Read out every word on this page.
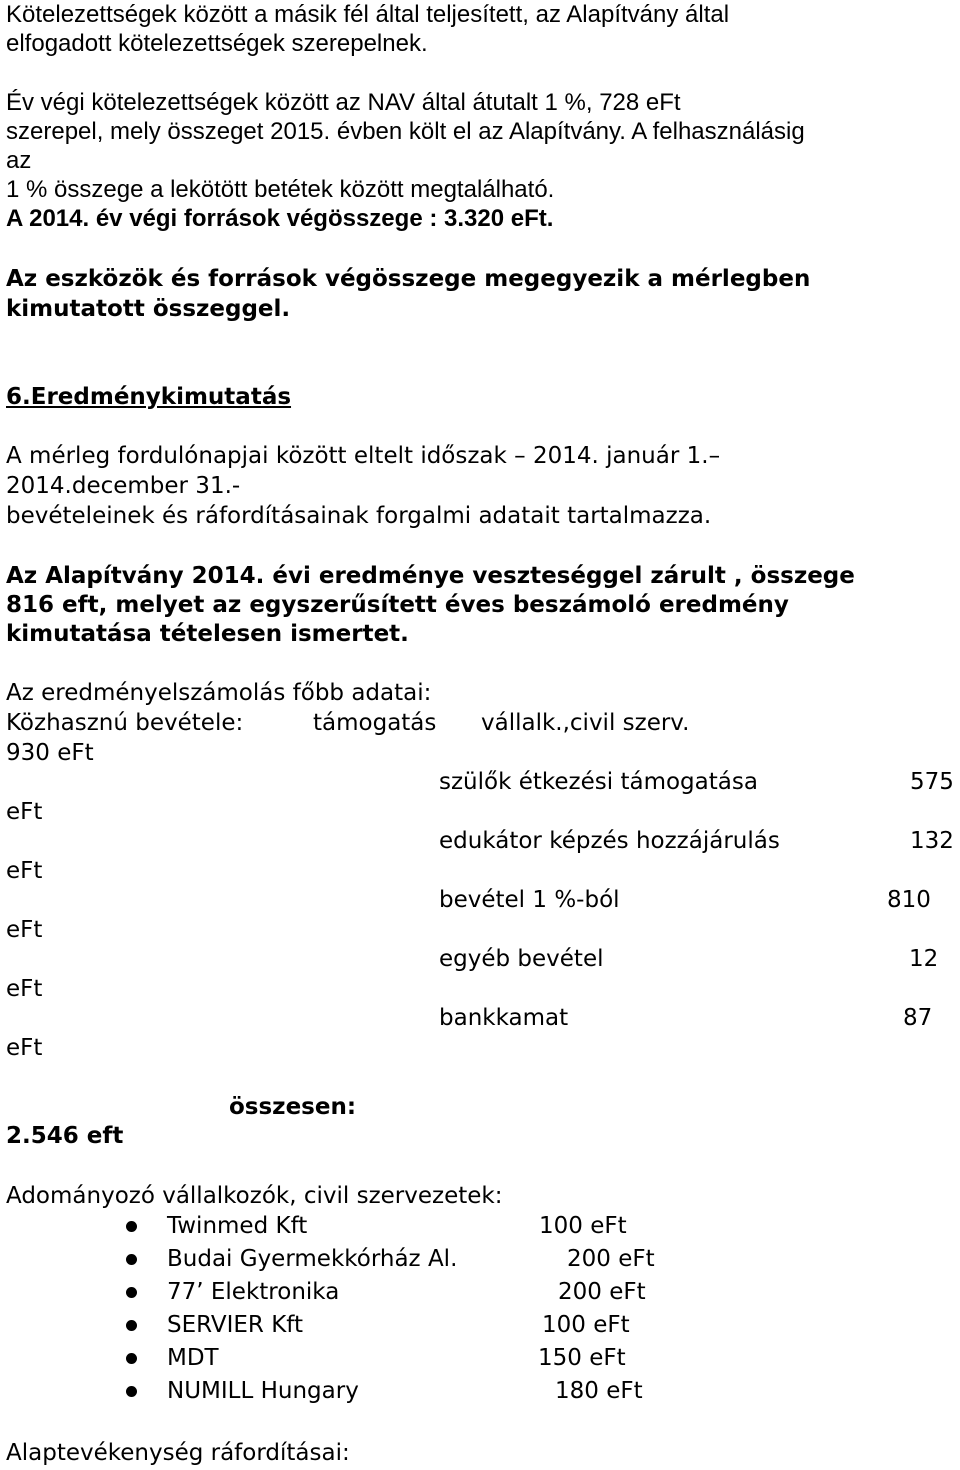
Kötelezettségek között a másik fél által teljesített, az Alapítvány által
elfogadott kötelezettségek szerepelnek.
Év végi kötelezettségek között az NAV által átutalt 1 %, 728 eFt
szerepel, mely összeget 2015. évben költ el az Alapítvány. A felhasználásig
az
1 % összege a lekötött betétek között megtalálható.
A 2014. év végi források végösszege : 3.320 eFt.
Az eszközök és források végösszege megegyezik a mérlegben
kimutatott összeggel.
6.Eredménykimutatás
A mérleg fordulónapjai között eltelt időszak – 2014. január 1.–
2014.december 31.-
bevételeinek és ráfordításainak forgalmi adatait tartalmazza.
Az Alapítvány 2014. évi eredménye veszteséggel zárult , összege
816 eft, melyet az egyszerűsített éves beszámoló eredmény
kimutatása tételesen ismertet.
Az eredményelszámolás főbb adatai:
Közhasznú bevétele:	támogatás vállalk.,civil szerv.
930 eFt
szülők étkezési támogatása	575
eFt
edukátor képzés hozzájárulás	132
eFt
bevétel 1 %-ból	810
eFt
egyéb bevétel	12
eFt
bankkamat	87
eFt
összesen:
2.546 eft
Adományozó vállalkozók, civil szervezetek:
Twinmed Kft	100 eFt
Budai Gyermekkórház Al.	200 eFt
77’ Elektronika	200 eFt
SERVIER Kft	100 eFt
MDT	150 eFt
NUMILL Hungary	180 eFt
Alaptevékenység ráfordításai:
